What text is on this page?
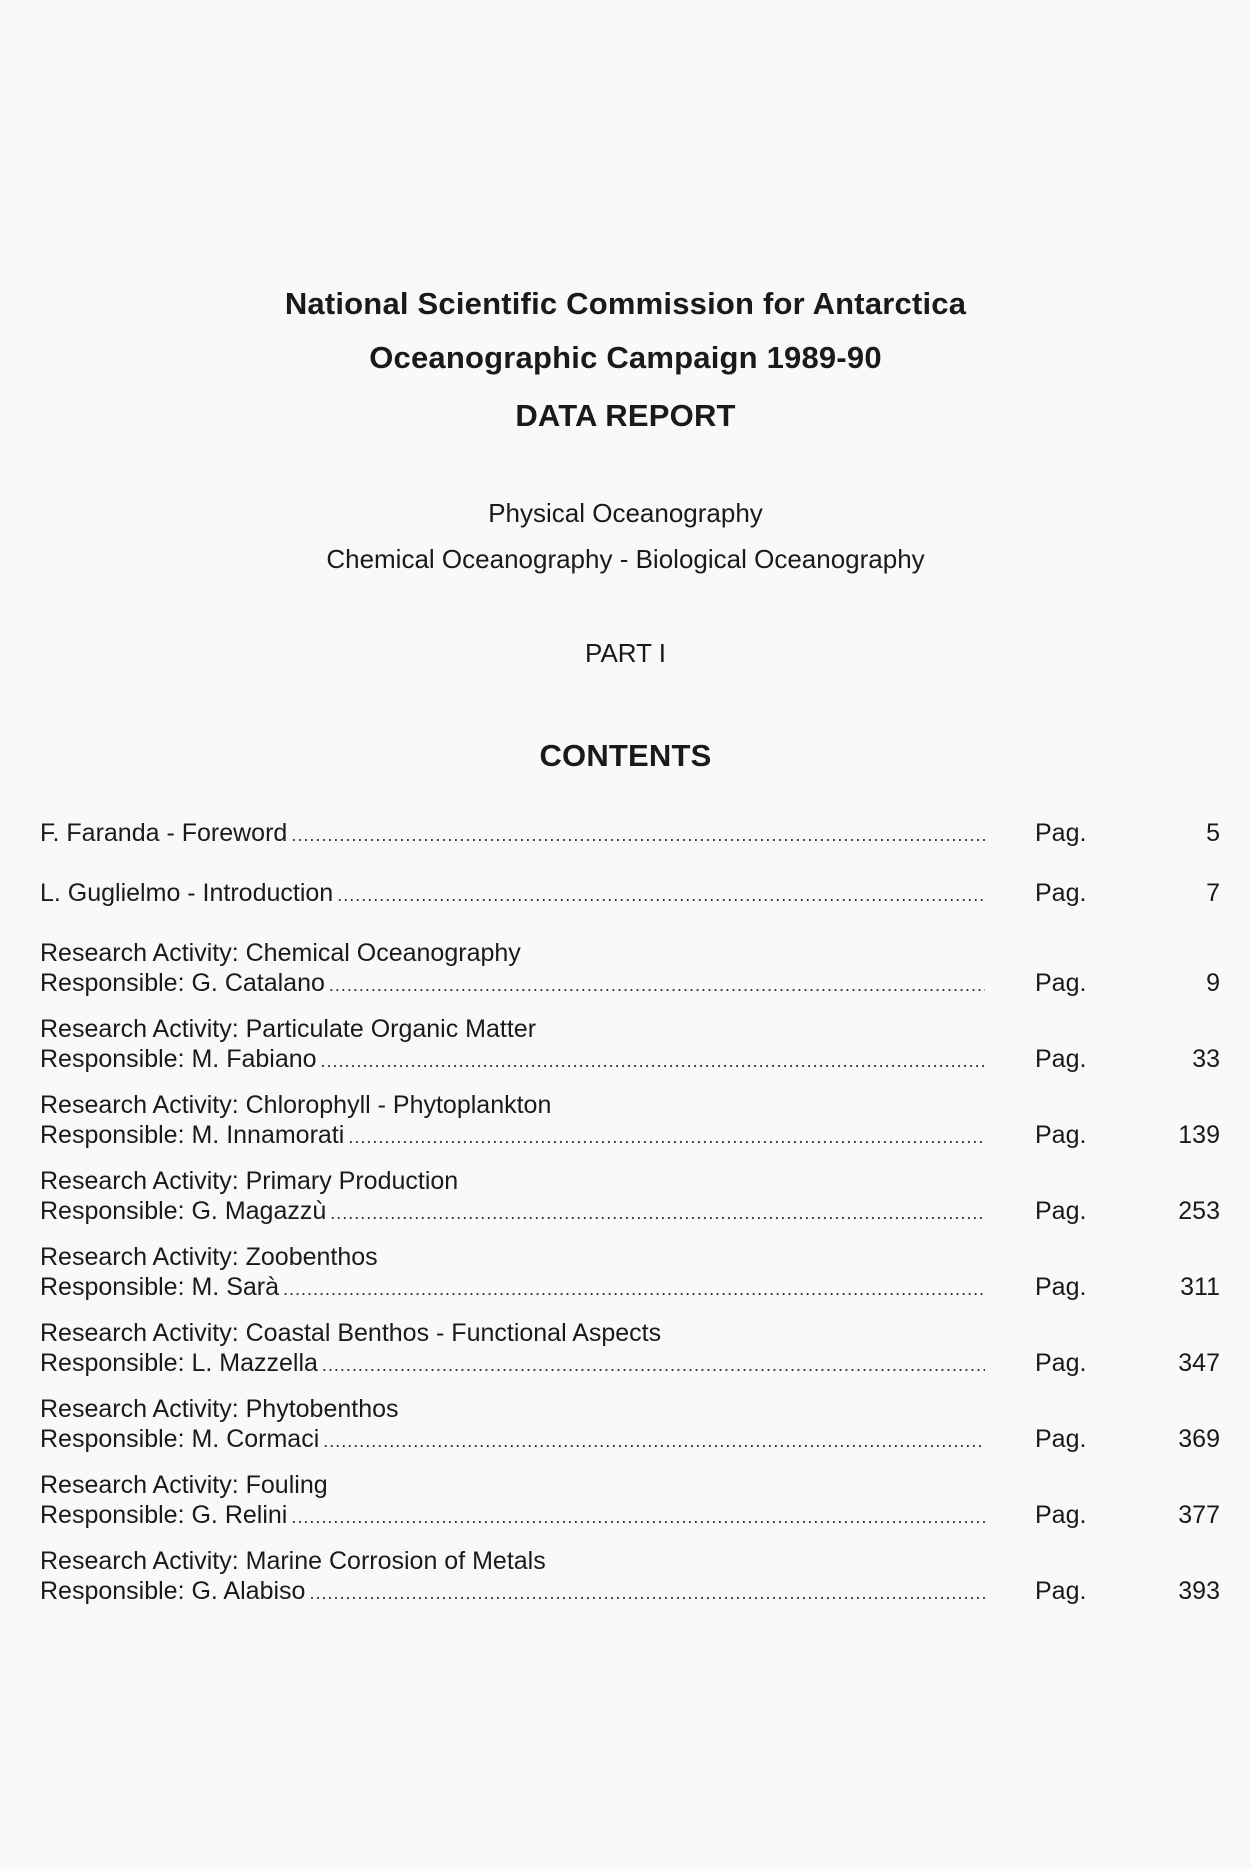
National Scientific Commission for Antarctica
Oceanographic Campaign 1989-90
DATA REPORT
Physical Oceanography
Chemical Oceanography - Biological Oceanography
PART I
CONTENTS
F. Faranda - Foreword .....	Pag.	5
L. Guglielmo - Introduction .....	Pag.	7
Research Activity: Chemical Oceanography
Responsible: G. Catalano .....	Pag.	9
Research Activity: Particulate Organic Matter
Responsible: M. Fabiano .....	Pag.	33
Research Activity: Chlorophyll - Phytoplankton
Responsible: M. Innamorati .....	Pag.	139
Research Activity: Primary Production
Responsible: G. Magazzù .....	Pag.	253
Research Activity: Zoobenthos
Responsible: M. Sarà .....	Pag.	311
Research Activity: Coastal Benthos - Functional Aspects
Responsible: L. Mazzella .....	Pag.	347
Research Activity: Phytobenthos
Responsible: M. Cormaci .....	Pag.	369
Research Activity: Fouling
Responsible: G. Relini .....	Pag.	377
Research Activity: Marine Corrosion of Metals
Responsible: G. Alabiso .....	Pag.	393
